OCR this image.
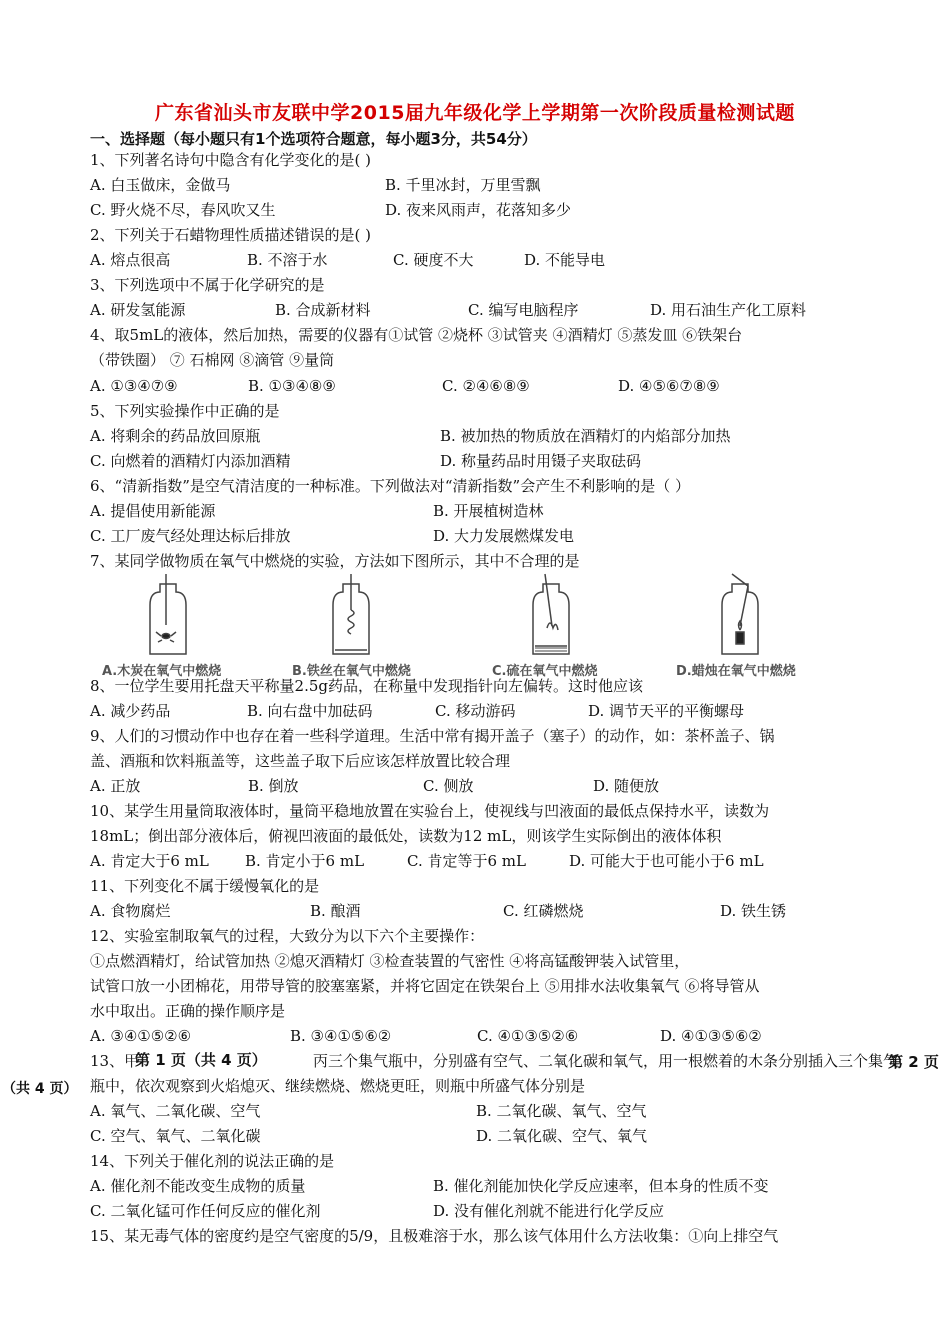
广东省汕头市友联中学2015届九年级化学上学期第一次阶段质量检测试题
一、选择题（每小题只有1个选项符合题意，每小题3分，共54分）
1、下列著名诗句中隐含有化学变化的是( )
A. 白玉做床，金做马	B. 千里冰封，万里雪飘
C. 野火烧不尽，春风吹又生	D. 夜来风雨声，花落知多少
2、下列关于石蜡物理性质描述错误的是( )
A. 熔点很高	B. 不溶于水	C. 硬度不大	D. 不能导电
3、下列选项中不属于化学研究的是
A. 研发氢能源	B. 合成新材料	C. 编写电脑程序	D. 用石油生产化工原料
4、取5mL的液体，然后加热，需要的仪器有①试管 ②烧杯 ③试管夹 ④酒精灯 ⑤蒸发皿 ⑥铁架台
（带铁圈） ⑦ 石棉网 ⑧滴管 ⑨量筒
A. ①③④⑦⑨	B. ①③④⑧⑨	C. ②④⑥⑧⑨	D. ④⑤⑥⑦⑧⑨
5、下列实验操作中正确的是
A. 将剩余的药品放回原瓶	B. 被加热的物质放在酒精灯的内焰部分加热
C. 向燃着的酒精灯内添加酒精	D. 称量药品时用镊子夹取砝码
6、“清新指数”是空气清洁度的一种标准。下列做法对“清新指数”会产生不利影响的是（ ）
A. 提倡使用新能源	B. 开展植树造林
C. 工厂废气经处理达标后排放	D. 大力发展燃煤发电
7、某同学做物质在氧气中燃烧的实验，方法如下图所示，其中不合理的是
A.木炭在氧气中燃烧	B.铁丝在氧气中燃烧	C.硫在氧气中燃烧	D.蜡烛在氧气中燃烧
8、一位学生要用托盘天平称量2.5g药品，在称量中发现指针向左偏转。这时他应该
A. 减少药品	B. 向右盘中加砝码	C. 移动游码	D. 调节天平的平衡螺母
9、人们的习惯动作中也存在着一些科学道理。生活中常有揭开盖子（塞子）的动作，如：茶杯盖子、锅
盖、酒瓶和饮料瓶盖等，这些盖子取下后应该怎样放置比较合理
A. 正放	B. 倒放	C. 侧放	D. 随便放
10、某学生用量筒取液体时，量筒平稳地放置在实验台上，使视线与凹液面的最低点保持水平，读数为
18mL；倒出部分液体后，俯视凹液面的最低处，读数为12 mL，则该学生实际倒出的液体体积
A. 肯定大于6 mL B. 肯定小于6 mL	C. 肯定等于6 mL	D. 可能大于也可能小于6 mL
11、下列变化不属于缓慢氧化的是
A. 食物腐烂	B. 酿酒	C. 红磷燃烧	D. 铁生锈
12、实验室制取氧气的过程，大致分为以下六个主要操作：
①点燃酒精灯，给试管加热 ②熄灭酒精灯 ③检查装置的气密性 ④将高锰酸钾装入试管里，
试管口放一小团棉花，用带导管的胶塞塞紧，并将它固定在铁架台上 ⑤用排水法收集氧气 ⑥将导管从
水中取出。正确的操作顺序是
A. ③④①⑤②⑥	B. ③④①⑤⑥②	C. ④①③⑤②⑥	D. ④①③⑤⑥②
13、甲	丙三个集气瓶中，分别盛有空气、二氧化碳和氧气，用一根燃着的木条分别插入三个集气
第 1 页（共 4 页）	第 2 页
（共 4 页） 瓶中，依次观察到火焰熄灭、继续燃烧、燃烧更旺，则瓶中所盛气体分别是
A. 氧气、二氧化碳、空气	B. 二氧化碳、氧气、空气
C. 空气、氧气、二氧化碳	D. 二氧化碳、空气、氧气
14、下列关于催化剂的说法正确的是
A. 催化剂不能改变生成物的质量	B. 催化剂能加快化学反应速率，但本身的性质不变
C. 二氧化锰可作任何反应的催化剂	D. 没有催化剂就不能进行化学反应
15、某无毒气体的密度约是空气密度的5/9，且极难溶于水，那么该气体用什么方法收集：①向上排空气
